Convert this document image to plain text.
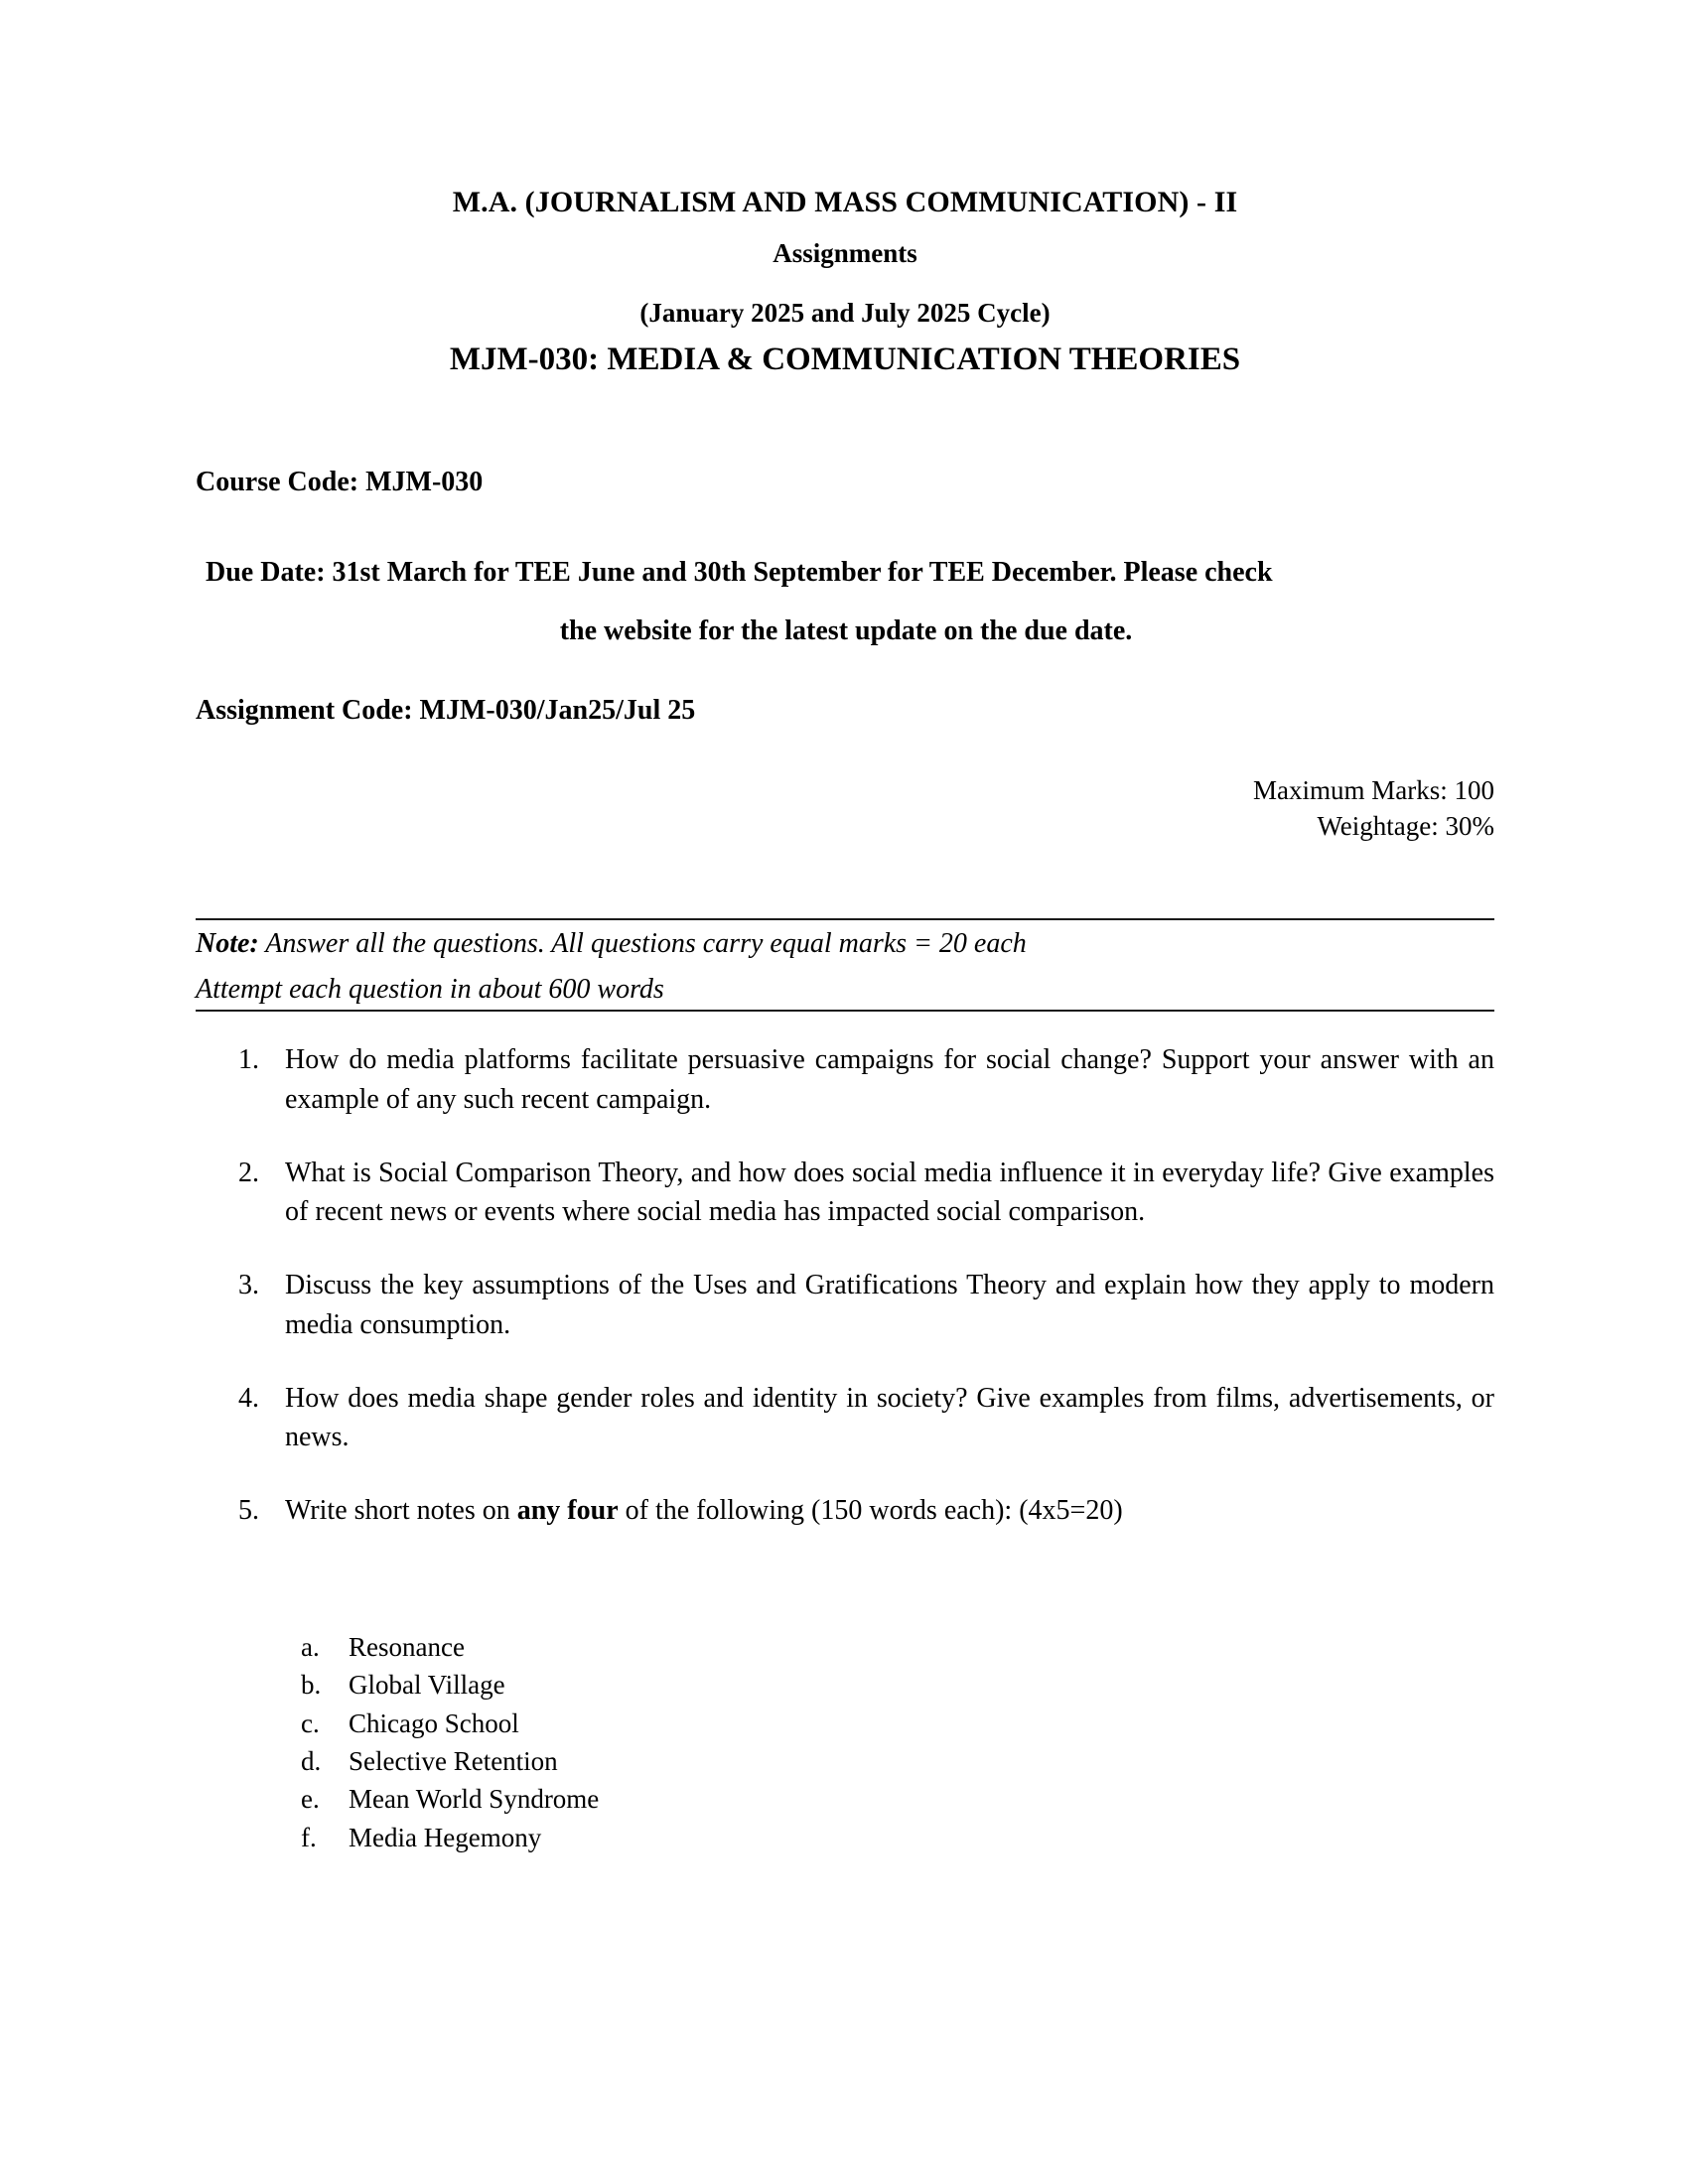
M.A. (JOURNALISM AND MASS COMMUNICATION) - II
Assignments
(January 2025 and July 2025 Cycle)
MJM-030: MEDIA & COMMUNICATION THEORIES
Course Code: MJM-030
Due Date: 31st March for TEE June and 30th September for TEE December. Please check
the website for the latest update on the due date.
Assignment Code: MJM-030/Jan25/Jul 25
Maximum Marks: 100
Weightage: 30%
Note: Answer all the questions. All questions carry equal marks = 20 each
Attempt each question in about 600 words
1. How do media platforms facilitate persuasive campaigns for social change? Support your answer with an example of any such recent campaign.
2. What is Social Comparison Theory, and how does social media influence it in everyday life? Give examples of recent news or events where social media has impacted social comparison.
3. Discuss the key assumptions of the Uses and Gratifications Theory and explain how they apply to modern media consumption.
4. How does media shape gender roles and identity in society? Give examples from films, advertisements, or news.
5. Write short notes on any four of the following (150 words each): (4x5=20)
a.	Resonance
b.	Global Village
c.	Chicago School
d.	Selective Retention
e.	Mean World Syndrome
f.	Media Hegemony
